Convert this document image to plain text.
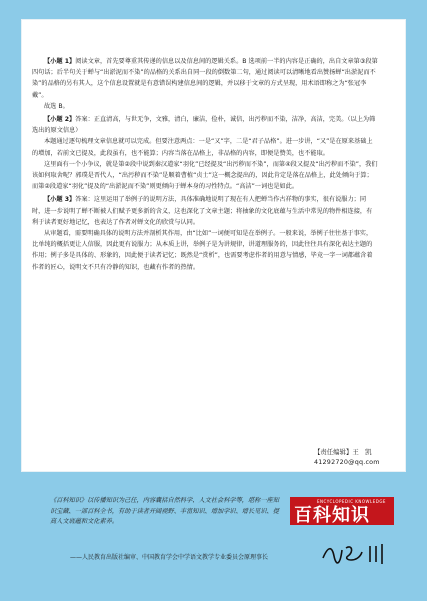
【小题 1】阅读文章，首先要尊重其传递的信息以及信息间的逻辑关系。B 选项前一半的内容是正确的，出自文章第③段第四句话；后半句关于蝉与“出淤泥而不染”的品格的关系出自同一段的倒数第二句，通过阅读可以清晰地看出赞扬蝉“出淤泥而不染”的品格的另有其人，这个信息设置就是有意错误构建信息间的逻辑，并以移于文章的方式呈现，用术语即称之为“张冠李戴”。

故选 B。

【小题 2】答案：正直清高，与世无争，文雅，清白，廉洁，俭朴，诚信，出污秽而不染，洁净，高洁，完美。（以上为筛选出的原文信息）

本题通过逐句梳理文章信息就可以完成。但要注意两点：一是“又”字，二是“君子品格”。进一步讲，“又”是在原来基础上的增加，若前文已提及，此段虽有，也不能算；内容当落在品格上，非品格的内容，即便是赞美，也不能取。

这里面有一个小争议，就是第②段中说到秦汉道家“羽化”已经提及“出污秽而不染”，而第④段又提及“出污秽而不染”，我们该如何取舍呢？郭璞是晋代人，“出污秽而不染”是顺着曹植“贞士”这一概念提出的，因此肯定是落在品格上，此处倾向于算；而第②段道家“羽化”提及的“出淤泥而不染”则更倾向于蝉本身的习性特点。“高洁”一词也是如此。

【小题 3】答案：这里运用了举例子的说明方法，具体准确地说明了现在有人把蝉当作古祥物的事实，很有说服力；同时，进一步说明了蝉不断被人们赋予更多新的含义，这也深化了文章主题；将抽象的文化底蕴与生活中常见的物件相连接，有利于读者更好地记忆，也表达了作者对蝉文化的欣赏与认同。

从审题看，需要明确具体的说明方法并剖析其作用，由“比如”一词便可知是在举例子。一般来说，举例子往往基于事实，比单纯的概括更让人信服，因此更有说服力；从本质上讲，举例子是为讲规律，讲道理服务的，因此往往具有深化表达主题的作用；例子多是具体的、形象的，因此便于读者记忆；既然是“赏析”，也需要考虑作者的用意与情感，毕竟一字一词都蕴含着作者的匠心，说明文不只有冷静的知识，也藏有作者的热情。

【责任编辑】王　凯
41292720@qq.com
《百科知识》以传播知识为己任，内容囊括自然科学、人文社会科学等，堪称一座知识宝藏、一部百科全书，有助于读者开阔视野、丰富知识、增加学识、增长见识、提高人文底蕴和文化素养。
——人民教育出版社编审、中国教育学会中学语文教学专业委员会原理事长
百科知识
ENCYCLOPEDIC KNOWLEDGE
